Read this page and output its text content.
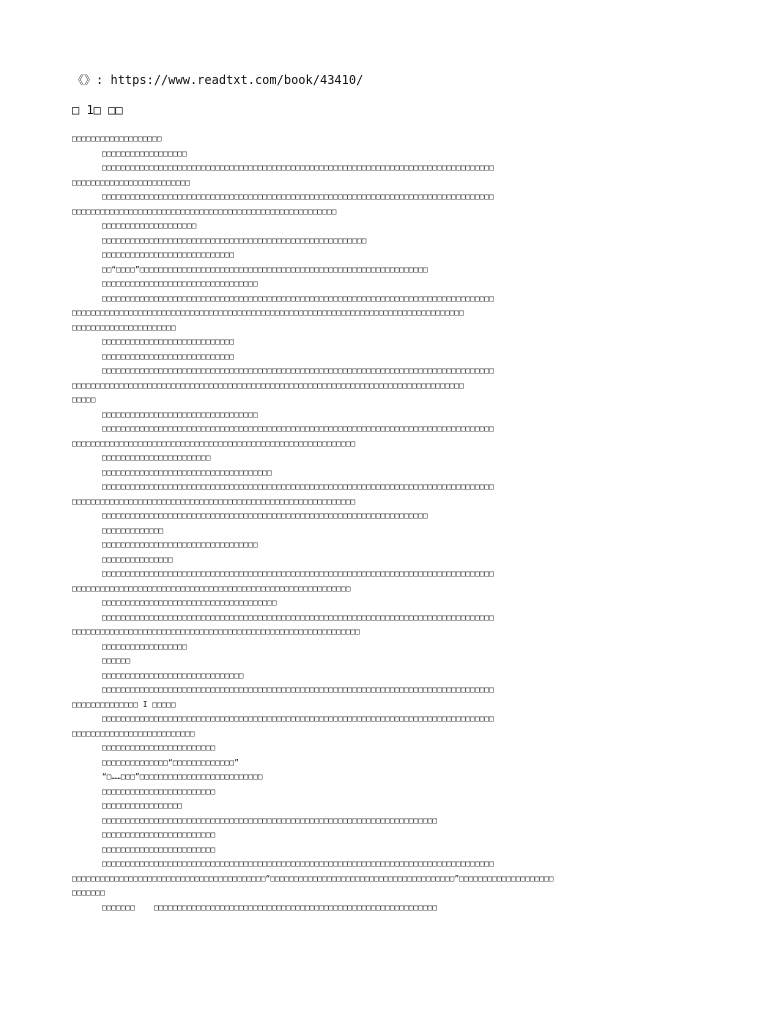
《》: https://www.readtxt.com/book/43410/
□ 1□ □□
□□□□□□□□□□□□□□□□□□□
□□□□□□□□□□□□□□□□□□
□□□□□□□□□□□□□□□□□□□□□□□□□□□□□□□□□□□□□□□□□□□□□□□□□□□□□□□□□□□□□□□□□□□□□□□□□□□□□□□□□□□
□□□□□□□□□□□□□□□□□□□□□□□□□
□□□□□□□□□□□□□□□□□□□□□□□□□□□□□□□□□□□□□□□□□□□□□□□□□□□□□□□□□□□□□□□□□□□□□□□□□□□□□□□□□□□
□□□□□□□□□□□□□□□□□□□□□□□□□□□□□□□□□□□□□□□□□□□□□□□□□□□□□□□□
□□□□□□□□□□□□□□□□□□□□
□□□□□□□□□□□□□□□□□□□□□□□□□□□□□□□□□□□□□□□□□□□□□□□□□□□□□□□□
□□□□□□□□□□□□□□□□□□□□□□□□□□□□
□□“□□□□”□□□□□□□□□□□□□□□□□□□□□□□□□□□□□□□□□□□□□□□□□□□□□□□□□□□□□□□□□□□□□
□□□□□□□□□□□□□□□□□□□□□□□□□□□□□□□□□
□□□□□□□□□□□□□□□□□□□□□□□□□□□□□□□□□□□□□□□□□□□□□□□□□□□□□□□□□□□□□□□□□□□□□□□□□□□□□□□□□□□
□□□□□□□□□□□□□□□□□□□□□□□□□□□□□□□□□□□□□□□□□□□□□□□□□□□□□□□□□□□□□□□□□□□□□□□□□□□□□□□□□□□
□□□□□□□□□□□□□□□□□□□□□□
□□□□□□□□□□□□□□□□□□□□□□□□□□□□
□□□□□□□□□□□□□□□□□□□□□□□□□□□□
□□□□□□□□□□□□□□□□□□□□□□□□□□□□□□□□□□□□□□□□□□□□□□□□□□□□□□□□□□□□□□□□□□□□□□□□□□□□□□□□□□□
□□□□□□□□□□□□□□□□□□□□□□□□□□□□□□□□□□□□□□□□□□□□□□□□□□□□□□□□□□□□□□□□□□□□□□□□□□□□□□□□□□□
□□□□□
□□□□□□□□□□□□□□□□□□□□□□□□□□□□□□□□□
□□□□□□□□□□□□□□□□□□□□□□□□□□□□□□□□□□□□□□□□□□□□□□□□□□□□□□□□□□□□□□□□□□□□□□□□□□□□□□□□□□□
□□□□□□□□□□□□□□□□□□□□□□□□□□□□□□□□□□□□□□□□□□□□□□□□□□□□□□□□□□□□
□□□□□□□□□□□□□□□□□□□□□□□
□□□□□□□□□□□□□□□□□□□□□□□□□□□□□□□□□□□□
□□□□□□□□□□□□□□□□□□□□□□□□□□□□□□□□□□□□□□□□□□□□□□□□□□□□□□□□□□□□□□□□□□□□□□□□□□□□□□□□□□□
□□□□□□□□□□□□□□□□□□□□□□□□□□□□□□□□□□□□□□□□□□□□□□□□□□□□□□□□□□□□
□□□□□□□□□□□□□□□□□□□□□□□□□□□□□□□□□□□□□□□□□□□□□□□□□□□□□□□□□□□□□□□□□□□□□
□□□□□□□□□□□□□
□□□□□□□□□□□□□□□□□□□□□□□□□□□□□□□□□
□□□□□□□□□□□□□□□
□□□□□□□□□□□□□□□□□□□□□□□□□□□□□□□□□□□□□□□□□□□□□□□□□□□□□□□□□□□□□□□□□□□□□□□□□□□□□□□□□□□
□□□□□□□□□□□□□□□□□□□□□□□□□□□□□□□□□□□□□□□□□□□□□□□□□□□□□□□□□□□
□□□□□□□□□□□□□□□□□□□□□□□□□□□□□□□□□□□□□
□□□□□□□□□□□□□□□□□□□□□□□□□□□□□□□□□□□□□□□□□□□□□□□□□□□□□□□□□□□□□□□□□□□□□□□□□□□□□□□□□□□
□□□□□□□□□□□□□□□□□□□□□□□□□□□□□□□□□□□□□□□□□□□□□□□□□□□□□□□□□□□□□
□□□□□□□□□□□□□□□□□□
□□□□□□
□□□□□□□□□□□□□□□□□□□□□□□□□□□□□□
□□□□□□□□□□□□□□□□□□□□□□□□□□□□□□□□□□□□□□□□□□□□□□□□□□□□□□□□□□□□□□□□□□□□□□□□□□□□□□□□□□□
□□□□□□□□□□□□□□ I □□□□□
□□□□□□□□□□□□□□□□□□□□□□□□□□□□□□□□□□□□□□□□□□□□□□□□□□□□□□□□□□□□□□□□□□□□□□□□□□□□□□□□□□□
□□□□□□□□□□□□□□□□□□□□□□□□□□
□□□□□□□□□□□□□□□□□□□□□□□□
□□□□□□□□□□□□□□“□□□□□□□□□□□□□”
“□……□□□”□□□□□□□□□□□□□□□□□□□□□□□□□□
□□□□□□□□□□□□□□□□□□□□□□□□
□□□□□□□□□□□□□□□□□
□□□□□□□□□□□□□□□□□□□□□□□□□□□□□□□□□□□□□□□□□□□□□□□□□□□□□□□□□□□□□□□□□□□□□□□
□□□□□□□□□□□□□□□□□□□□□□□□
□□□□□□□□□□□□□□□□□□□□□□□□
□□□□□□□□□□□□□□□□□□□□□□□□□□□□□□□□□□□□□□□□□□□□□□□□□□□□□□□□□□□□□□□□□□□□□□□□□□□□□□□□□□□
□□□□□□□□□□□□□□□□□□□□□□□□□□□□□□□□□□□□□□□□□“□□□□□□□□□□□□□□□□□□□□□□□□□□□□□□□□□□□□□□□”□□□□□□□□□□□□□□□□□□□□
□□□□□□□
□□□□□□□    □□□□□□□□□□□□□□□□□□□□□□□□□□□□□□□□□□□□□□□□□□□□□□□□□□□□□□□□□□□□
